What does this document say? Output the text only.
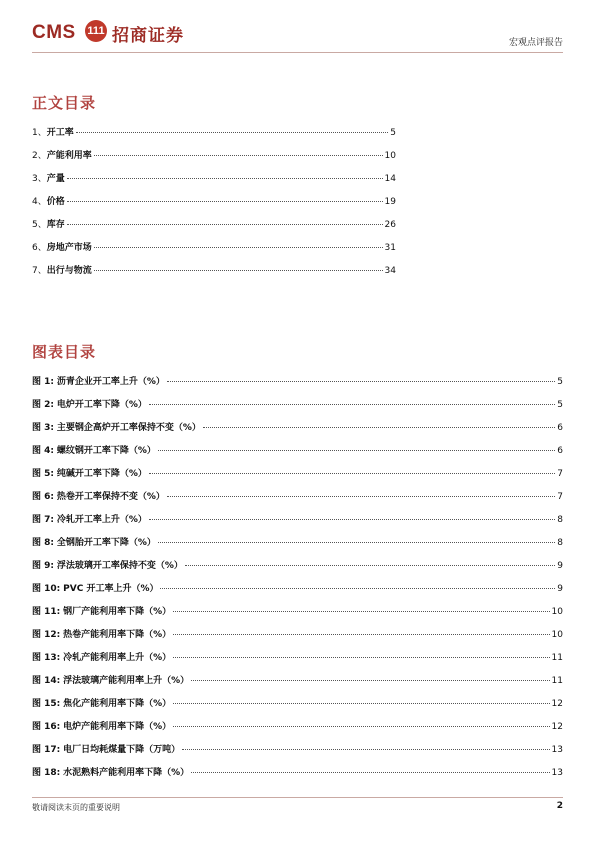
CMS 111 招商证券	宏观点评报告
正文目录
1、 开工率	5
2、 产能利用率	10
3、 产量	14
4、 价格	19
5、 库存	26
6、 房地产市场	31
7、 出行与物流	34
图表目录
图 1:
沥青企业开工率上升（%）	5
图 2:
电炉开工率下降（%）	5
图 3:
主要钢企高炉开工率保持不变（%）	6
图 4:
螺纹钢开工率下降（%）	6
图 5:
纯碱开工率下降（%）	7
图 6:
热卷开工率保持不变（%）	7
图 7:
冷轧开工率上升（%）	8
图 8:
全钢胎开工率下降（%）	8
图 9:
浮法玻璃开工率保持不变（%）	9
图 10:
PVC 开工率上升（%）	9
图 11:
钢厂产能利用率下降（%）	10
图 12:
热卷产能利用率下降（%）	10
图 13:
冷轧产能利用率上升（%）	11
图 14:
浮法玻璃产能利用率上升（%）	11
图 15:
焦化产能利用率下降（%）	12
图 16:
电炉产能利用率下降（%）	12
图 17:
电厂日均耗煤量下降（万吨）	13
图 18:
水泥熟料产能利用率下降（%）	13
敬请阅读末页的重要说明	2
